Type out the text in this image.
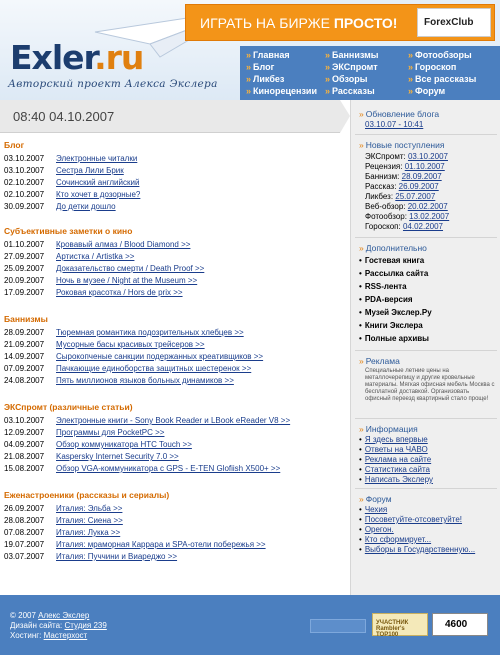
Exler.ru
Авторский проект Алекса Экслера
ИГРАТЬ НА БИРЖЕ ПРОСТО!	ForexClub
» Главная	» Баннизмы	» Фотообзоры
» Блог	» ЭКСпромт	» Гороскоп
» Ликбез	» Обзоры	» Все рассказы
» Кинорецензии	» Рассказы	» Форум
08:40 04.10.2007
Блог
03.10.2007 Электронные читалки
03.10.2007 Сестра Лили Брик
02.10.2007 Сочинский английский
02.10.2007 Кто хочет в дозорные?
30.09.2007 До детки дошло
Субъективные заметки о кино
01.10.2007 Кровавый алмаз / Blood Diamond >>
27.09.2007 Артистка / Artistka >>
25.09.2007 Доказательство смерти / Death Proof >>
20.09.2007 Ночь в музее / Night at the Museum >>
17.09.2007 Роковая красотка / Hors de prix >>
Баннизмы
28.09.2007 Тюремная романтика подозрительных хлебцев >>
21.09.2007 Мусорные басы красивых трейсеров >>
14.09.2007 Сырокопченые санкции подержанных креативщиков >>
07.09.2007 Пачкающие единоборства защитных шестеренок >>
24.08.2007 Пять миллионов языков больных динамиков >>
ЭКСпромт (различные статьи)
03.10.2007 Электронные книги - Sony Book Reader и LBook eReader V8 >>
12.09.2007 Программы для PocketPC >>
04.09.2007 Обзор коммуникатора HTC Touch >>
21.08.2007 Kaspersky Internet Security 7.0 >>
15.08.2007 Обзор VGA-коммуникатора с GPS - E-TEN Glofiish X500+ >>
Еженастроеники (рассказы и сериалы)
26.09.2007 Италия: Эльба >>
28.08.2007 Италия: Сиена >>
07.08.2007 Италия: Лукка >>
19.07.2007 Италия: мраморная Каррара и SPA-отели побережья >>
03.07.2007 Италия: Пуччини и Виареджо >>
» Обновление блога
03.10.07 - 10:41
» Новые поступления
ЭКСпромт: 03.10.2007
Рецензия: 01.10.2007
Баннизм: 28.09.2007
Рассказ: 26.09.2007
Ликбез: 25.07.2007
Веб-обзор: 20.02.2007
Фотообзор: 13.02.2007
Гороскоп: 04.02.2007
» Дополнительно
• Гостевая книга
• Рассылка сайта
• RSS-лента
• PDA-версия
• Музей Экслер.Ру
• Книги Экслера
• Полные архивы
» Реклама
Специальные летние цены на металлочерепицу и другие кровельные материалы. Мягкая офисная мебель Москва с бесплатной доставкой. Организовать офисный переезд квартирный стало проще!
» Информация
• Я здесь впервые
• Ответы на ЧАВО
• Реклама на сайте
• Статистика сайта
• Написать Экслеру
» Форум
• Чехия
• Посоветуйте-отсоветуйте!
• Орегон.
• Кто сформирует...
• Выборы в Государственную...
© 2007 Алекс Экслер
Дизайн сайта: Студия 239
Хостинг: Мастерхост
УЧАСТНИК Rambler's TOP100
4600
